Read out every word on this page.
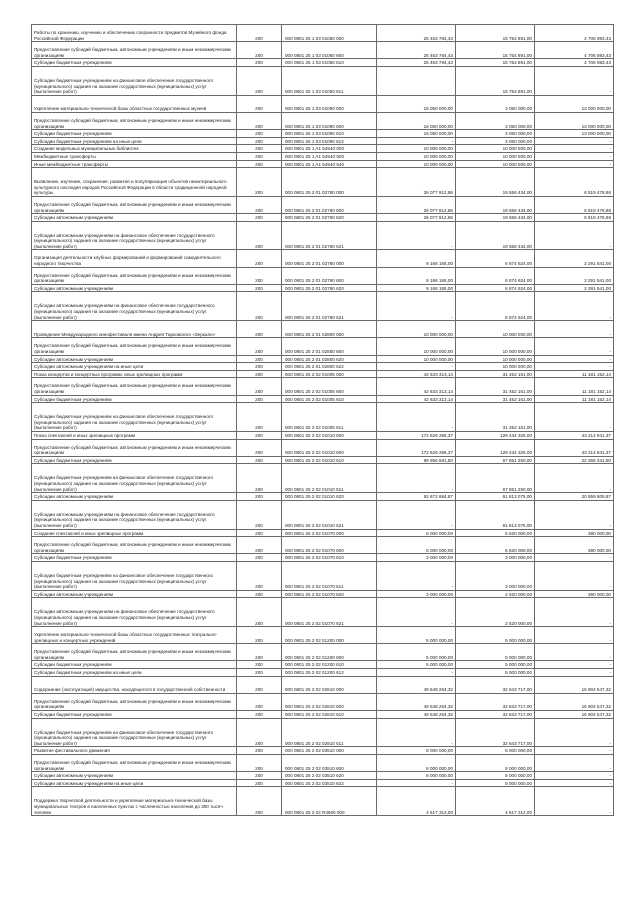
Работы по хранению, изучению и обеспечению сохранности предметов Музейного фонда Российской Федерации	200	000 0801 25 1 03 01050 000	25 463 784,43	15 754 891,00	4 706 893,43
Предоставление субсидий бюджетным, автономным учреждениям и иным некоммерческим организациям	200	000 0801 25 1 03 01050 600	25 463 784,43	15 754 891,00	4 706 893,43
Субсидии бюджетным учреждениям	200	000 0801 25 1 03 01050 610	25 463 784,43	15 754 891,00	4 706 893,43
Субсидии бюджетным учреждениям на финансовое обеспечение государственного (муниципального) задания на оказание государственных (муниципальных) услуг (выполнение работ)	200	000 0801 25 1 03 01050 611		15 754 891,00	-
Укрепление материально-технической базы областных государственных музеев	200	000 0801 25 1 03 01090 000	16 050 000,00	3 050 000,00	13 000 000,00
Предоставление субсидий бюджетным, автономным учреждениям и иным некоммерческим организациям	200	000 0801 25 1 03 01090 600	16 050 000,00	3 050 000,00	13 000 000,00
Субсидии бюджетным учреждениям	200	000 0801 25 1 03 01090 610	16 050 000,00	3 050 000,00	13 000 000,00
Субсидии бюджетным учреждениям на иные цели	200	000 0801 25 1 03 01090 612	-	3 050 000,00	-
Создание модельных муниципальных библиотек	200	000 0801 25 1 A1 54540 000	10 000 000,00	10 000 000,00	-
Межбюджетные трансферты	200	000 0801 25 1 A1 54540 500	10 000 000,00	10 000 000,00	-
Иные межбюджетные трансферты	200	000 0801 25 1 A1 54540 540	10 000 000,00	10 000 000,00	-
Выявление, изучение, сохранение, развитие и популяризация объектов нематериального культурного наследия народов Российской Федерации в области традиционной народной культуры	200	000 0801 25 2 01 02780 000	26 077 912,86	19 558 434,00	6 519 478,86
Предоставление субсидий бюджетным, автономным учреждениям и иным некоммерческим организациям	200	000 0801 25 2 01 02780 600	26 077 912,86	19 558 434,00	6 519 478,86
Субсидии автономным учреждениям	200	000 0801 25 2 01 02780 620	26 077 912,86	19 558 434,00	6 519 478,86
Субсидии автономным учреждениям на финансовое обеспечение государственного (муниципального) задания на оказание государственных (муниципальных) услуг (выполнение работ)	200	000 0801 25 2 01 02780 621	-	19 558 434,00	-
Организация деятельности клубных формирований и формирований самодеятельного народного творчества	200	000 0801 25 2 01 02790 000	9 166 165,00	6 874 624,00	2 291 541,00
Предоставление субсидий бюджетным, автономным учреждениям и иным некоммерческим организациям	200	000 0801 25 2 01 02790 600	9 166 165,00	6 874 624,00	2 291 541,00
Субсидии автономным учреждениям	200	000 0801 25 2 01 02790 620	9 166 165,00	6 874 624,00	2 291 541,00
Субсидии автономным учреждениям на финансовое обеспечение государственного (муниципального) задания на оказание государственных (муниципальных) услуг (выполнение работ)	200	000 0801 25 2 01 02790 621	-	6 874 624,00	-
Проведение Международного кинофестиваля имени Андрея Тарковского «Зеркало»	200	000 0801 25 2 01 02800 000	10 000 000,00	10 000 000,00	-
Предоставление субсидий бюджетным, автономным учреждениям и иным некоммерческим организациям	200	000 0801 25 2 01 02800 600	10 000 000,00	10 000 000,00	-
Субсидии автономным учреждениям	200	000 0801 25 2 01 02800 620	10 000 000,00	10 000 000,00	-
Субсидии автономным учреждениям на иные цели	200	000 0801 25 2 01 02800 622	-	10 000 000,00	-
Показ концертов и концертных программ, иных зрелищных программ	200	000 0801 25 2 02 01005 000	42 633 313,14	31 452 161,00	11 181 152,14
Предоставление субсидий бюджетным, автономным учреждениям и иным некоммерческим организациям	200	000 0801 25 2 02 01005 600	42 633 313,14	31 452 161,00	11 181 152,14
Субсидии бюджетным учреждениям	200	000 0801 25 2 02 01005 610	42 633 313,14	31 452 161,00	11 181 152,14
Субсидии бюджетным учреждениям на финансовое обеспечение государственного (муниципального) задания на оказание государственных (муниципальных) услуг (выполнение работ)	200	000 0801 25 2 02 01005 611	-	31 452 161,00	-
Показ спектаклей и иных зрелищных программ	200	000 0801 25 2 02 01010 000	172 629 266,37	129 434 325,00	43 214 941,37
Предоставление субсидий бюджетным, автономным учреждениям и иным некоммерческим организациям	200	000 0801 25 2 02 01010 600	172 629 266,37	129 434 325,00	43 214 941,37
Субсидии бюджетным учреждениям	200	000 0801 25 2 02 01010 610	89 956 581,50	67 651 250,00	22 355 331,50
Субсидии бюджетным учреждениям на финансовое обеспечение государственного (муниципального) задания на оказание государственных (муниципальных) услуг (выполнение работ)	200	000 0801 25 2 02 01010 611	-	67 651 250,00	-
Субсидии автономным учреждениям	200	000 0801 25 2 02 01010 620	82 672 684,87	61 813 075,00	20 859 609,87
Субсидии автономным учреждениям на финансовое обеспечение государственного (муниципального) задания на оказание государственных (муниципальных) услуг (выполнение работ)	200	000 0801 25 2 02 01010 621	-	61 813 075,00	-
Создание спектаклей и иных зрелищных программ	200	000 0801 25 2 02 01070 000	6 000 000,00	5 620 000,00	380 000,00
Предоставление субсидий бюджетным, автономным учреждениям и иным некоммерческим организациям	200	000 0801 25 2 02 01070 600	6 000 000,00	5 620 000,00	380 000,00
Субсидии бюджетным учреждениям	200	000 0801 25 2 02 01070 610	3 000 000,00	3 000 000,00	-
Субсидии бюджетным учреждениям на финансовое обеспечение государственного (муниципального) задания на оказание государственных (муниципальных) услуг (выполнение работ)	200	000 0801 25 2 02 01070 611	-	3 000 000,00	-
Субсидии автономным учреждениям	200	000 0801 25 2 02 01070 620	3 000 000,00	2 620 000,00	380 000,00
Субсидии автономным учреждениям на финансовое обеспечение государственного (муниципального) задания на оказание государственных (муниципальных) услуг (выполнение работ)	200	000 0801 25 2 02 01070 621	-	2 620 000,00	-
Укрепление материально-технической базы областных государственных театрально-зрелищных и концертных учреждений	200	000 0801 25 2 02 01200 000	5 000 000,00	5 000 000,00	-
Предоставление субсидий бюджетным, автономным учреждениям и иным некоммерческим организациям	200	000 0801 25 2 02 01200 600	5 000 000,00	5 000 000,00	-
Субсидии бюджетным учреждениям	200	000 0801 25 2 02 01200 610	5 000 000,00	5 000 000,00	-
Субсидии бюджетным учреждениям на иные цели	200	000 0801 25 2 02 01200 612	-	5 000 000,00	-
Содержание (эксплуатация) имущества, находящегося в государственной собственности	200	000 0801 25 2 02 02810 000	49 548 264,32	32 643 717,00	16 904 547,32
Предоставление субсидий бюджетным, автономным учреждениям и иным некоммерческим организациям	200	000 0801 25 2 02 02810 600	49 548 264,32	32 643 717,00	16 904 547,32
Субсидии бюджетным учреждениям	200	000 0801 25 2 02 02810 610	49 548 264,32	32 643 717,00	16 904 547,32
Субсидии бюджетным учреждениям на финансовое обеспечение государственного (муниципального) задания на оказание государственных (муниципальных) услуг (выполнение работ)	200	000 0801 25 2 02 02810 611	-	32 643 717,00	-
Развитие фестивального движения	200	000 0801 25 2 02 03510 000	8 000 000,00	8 000 000,00	-
Предоставление субсидий бюджетным, автономным учреждениям и иным некоммерческим организациям	200	000 0801 25 2 02 03510 600	8 000 000,00	8 000 000,00	-
Субсидии автономным учреждениям	200	000 0801 25 2 02 03510 620	8 000 000,00	8 000 000,00	-
Субсидии автономным учреждениям на иные цели	200	000 0801 25 2 02 03510 622	-	8 000 000,00	-
Поддержка творческой деятельности и укрепление материально-технической базы муниципальных театров в населенных пунктах с численностью населения до 300 тысяч человек	200	000 0801 25 2 02 R4660 000	4 617 312,00	4 617 312,00	-
